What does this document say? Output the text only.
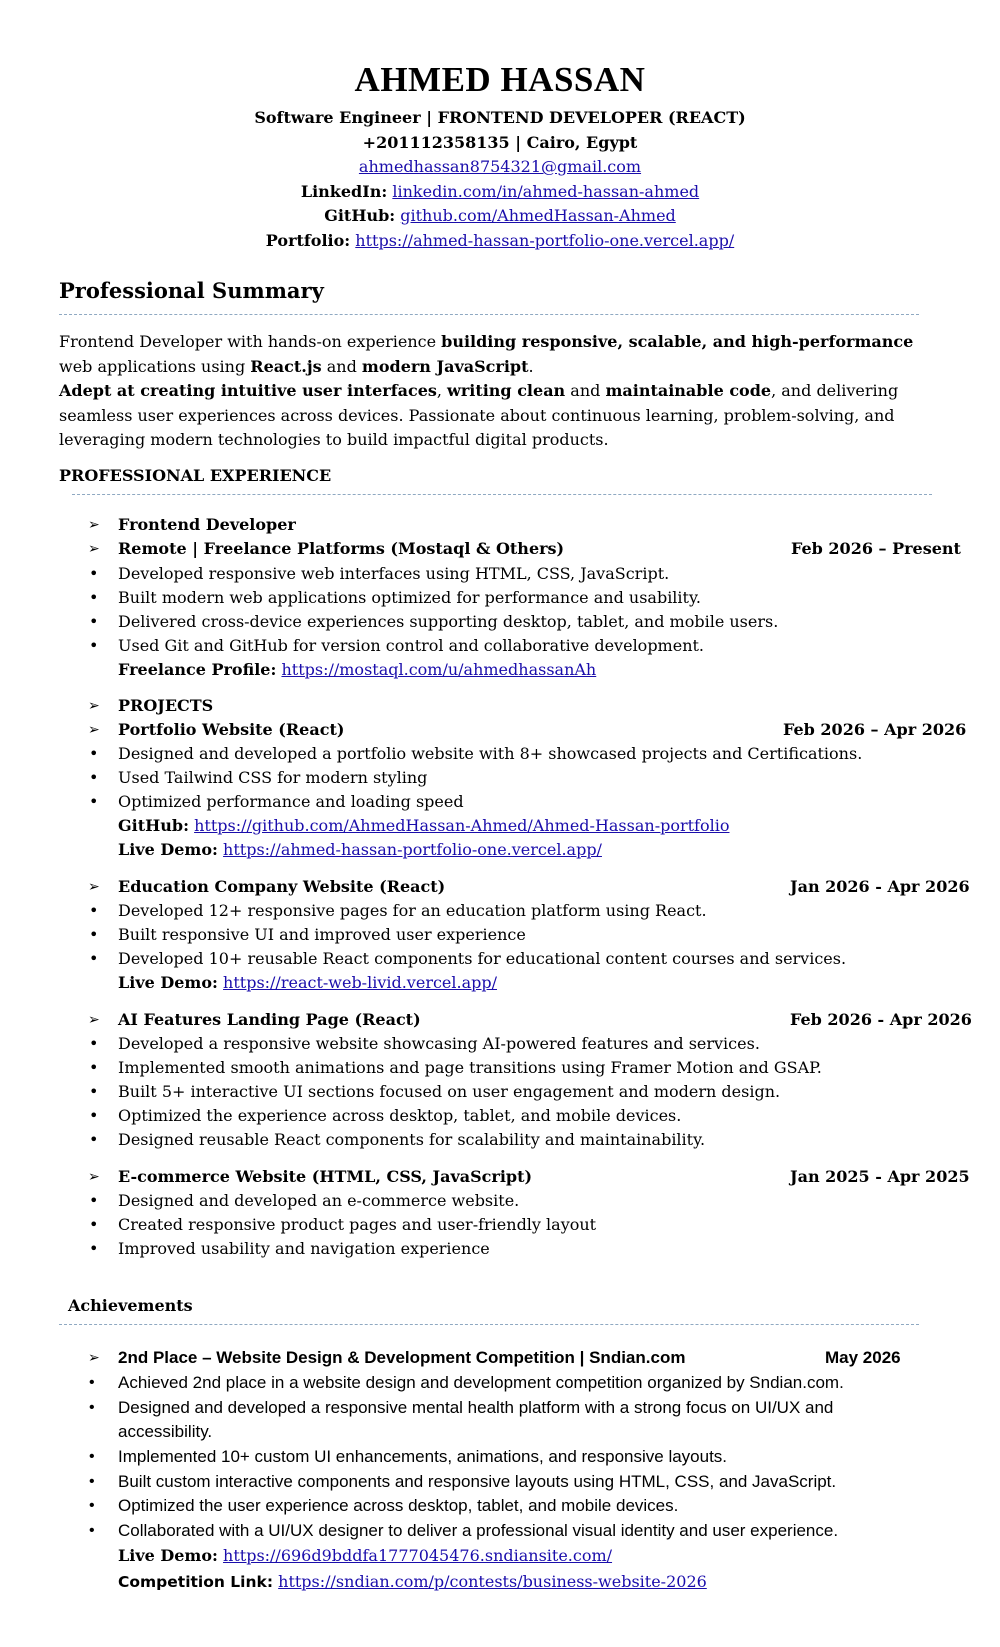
AHMED HASSAN
Software Engineer | FRONTEND DEVELOPER (REACT)
+201112358135 | Cairo, Egypt
ahmedhassan8754321@gmail.com
LinkedIn: linkedin.com/in/ahmed-hassan-ahmed
GitHub: github.com/AhmedHassan-Ahmed
Portfolio: https://ahmed-hassan-portfolio-one.vercel.app/
Professional Summary

Frontend Developer with hands-on experience building responsive, scalable, and high-performance web applications using React.js and modern JavaScript.

Adept at creating intuitive user interfaces, writing clean and maintainable code, and delivering seamless user experiences across devices. Passionate about continuous learning, problem-solving, and leveraging modern technologies to build impactful digital products.

PROFESSIONAL EXPERIENCE
➢	Frontend Developer
➢	Remote | Freelance Platforms (Mostaql & Others)	Feb 2026 – Present
• Developed responsive web interfaces using HTML, CSS, JavaScript.
• Built modern web applications optimized for performance and usability.
• Delivered cross-device experiences supporting desktop, tablet, and mobile users.
• Used Git and GitHub for version control and collaborative development.
Freelance Profile: https://mostaql.com/u/ahmedhassanAh
➢	PROJECTS
➢	Portfolio Website (React)	Feb 2026 – Apr 2026
• Designed and developed a portfolio website with 8+ showcased projects and Certifications.
• Used Tailwind CSS for modern styling
• Optimized performance and loading speed
GitHub: https://github.com/AhmedHassan-Ahmed/Ahmed-Hassan-portfolio
Live Demo: https://ahmed-hassan-portfolio-one.vercel.app/
➢	Education Company Website (React)	Jan 2026 - Apr 2026
• Developed 12+ responsive pages for an education platform using React.
• Built responsive UI and improved user experience
• Developed 10+ reusable React components for educational content courses and services.
Live Demo: https://react-web-livid.vercel.app/
➢	AI Features Landing Page (React)	Feb 2026 - Apr 2026
• Developed a responsive website showcasing AI-powered features and services.
• Implemented smooth animations and page transitions using Framer Motion and GSAP.
• Built 5+ interactive UI sections focused on user engagement and modern design.
• Optimized the experience across desktop, tablet, and mobile devices.
• Designed reusable React components for scalability and maintainability.
➢	E-commerce Website (HTML, CSS, JavaScript)	Jan 2025 - Apr 2025
• Designed and developed an e-commerce website.
• Created responsive product pages and user-friendly layout
• Improved usability and navigation experience
Achievements
➢	2nd Place – Website Design & Development Competition | Sndian.com	May 2026
• Achieved 2nd place in a website design and development competition organized by Sndian.com.
• Designed and developed a responsive mental health platform with a strong focus on UI/UX and
accessibility.
• Implemented 10+ custom UI enhancements, animations, and responsive layouts.
• Built custom interactive components and responsive layouts using HTML, CSS, and JavaScript.
• Optimized the user experience across desktop, tablet, and mobile devices.
• Collaborated with a UI/UX designer to deliver a professional visual identity and user experience.
Live Demo: https://696d9bddfa1777045476.sndiansite.com/
Competition Link: https://sndian.com/p/contests/business-website-2026
